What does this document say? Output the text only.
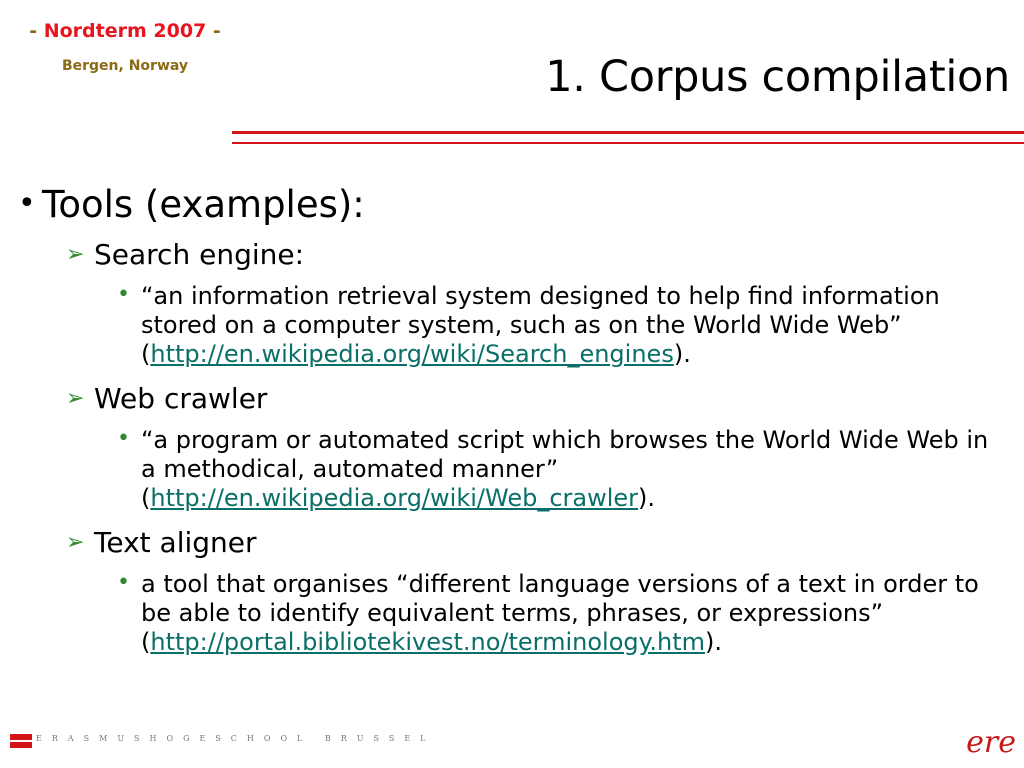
- Nordterm 2007 -
Bergen, Norway	1. Corpus compilation
• Tools (examples):
➢ Search engine:
• “an information retrieval system designed to help find information stored on a computer system, such as on the World Wide Web” (http://en.wikipedia.org/wiki/Search_engines).
➢ Web crawler
• “a program or automated script which browses the World Wide Web in a methodical, automated manner” (http://en.wikipedia.org/wiki/Web_crawler).
➢ Text aligner
• a tool that organises “different language versions of a text in order to be able to identify equivalent terms, phrases, or expressions” (http://portal.bibliotekivest.no/terminology.htm).
ERASMUSHOGESCHOOL BRUSSEL	ere
